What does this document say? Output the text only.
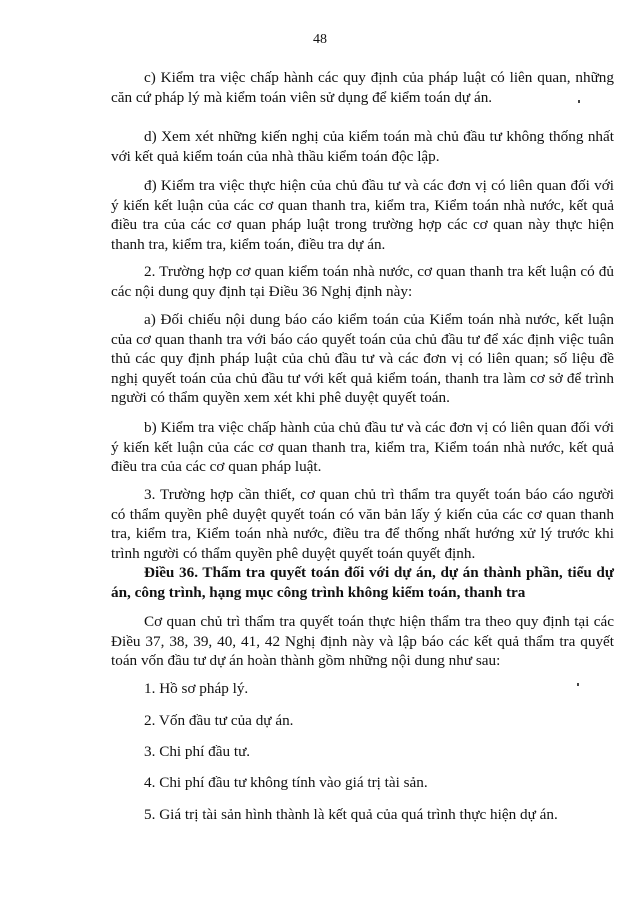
48

c) Kiểm tra việc chấp hành các quy định của pháp luật có liên quan, những căn cứ pháp lý mà kiểm toán viên sử dụng để kiểm toán dự án.

d) Xem xét những kiến nghị của kiểm toán mà chủ đầu tư không thống nhất với kết quả kiểm toán của nhà thầu kiểm toán độc lập.

đ) Kiểm tra việc thực hiện của chủ đầu tư và các đơn vị có liên quan đối với ý kiến kết luận của các cơ quan thanh tra, kiểm tra, Kiểm toán nhà nước, kết quả điều tra của các cơ quan pháp luật trong trường hợp các cơ quan này thực hiện thanh tra, kiểm tra, kiểm toán, điều tra dự án.

2. Trường hợp cơ quan kiểm toán nhà nước, cơ quan thanh tra kết luận có đủ các nội dung quy định tại Điều 36 Nghị định này:

a) Đối chiếu nội dung báo cáo kiểm toán của Kiểm toán nhà nước, kết luận của cơ quan thanh tra với báo cáo quyết toán của chủ đầu tư để xác định việc tuân thủ các quy định pháp luật của chủ đầu tư và các đơn vị có liên quan; số liệu đề nghị quyết toán của chủ đầu tư với kết quả kiểm toán, thanh tra làm cơ sở để trình người có thẩm quyền xem xét khi phê duyệt quyết toán.

b) Kiểm tra việc chấp hành của chủ đầu tư và các đơn vị có liên quan đối với ý kiến kết luận của các cơ quan thanh tra, kiểm tra, Kiểm toán nhà nước, kết quả điều tra của các cơ quan pháp luật.

3. Trường hợp cần thiết, cơ quan chủ trì thẩm tra quyết toán báo cáo người có thẩm quyền phê duyệt quyết toán có văn bản lấy ý kiến của các cơ quan thanh tra, kiểm tra, Kiểm toán nhà nước, điều tra để thống nhất hướng xử lý trước khi trình người có thẩm quyền phê duyệt quyết toán quyết định.

Điều 36. Thẩm tra quyết toán đối với dự án, dự án thành phần, tiểu dự án, công trình, hạng mục công trình không kiểm toán, thanh tra

Cơ quan chủ trì thẩm tra quyết toán thực hiện thẩm tra theo quy định tại các Điều 37, 38, 39, 40, 41, 42 Nghị định này và lập báo các kết quả thẩm tra quyết toán vốn đầu tư dự án hoàn thành gồm những nội dung như sau:

1. Hồ sơ pháp lý.
2. Vốn đầu tư của dự án.
3. Chi phí đầu tư.
4. Chi phí đầu tư không tính vào giá trị tài sản.
5. Giá trị tài sản hình thành là kết quả của quá trình thực hiện dự án.
